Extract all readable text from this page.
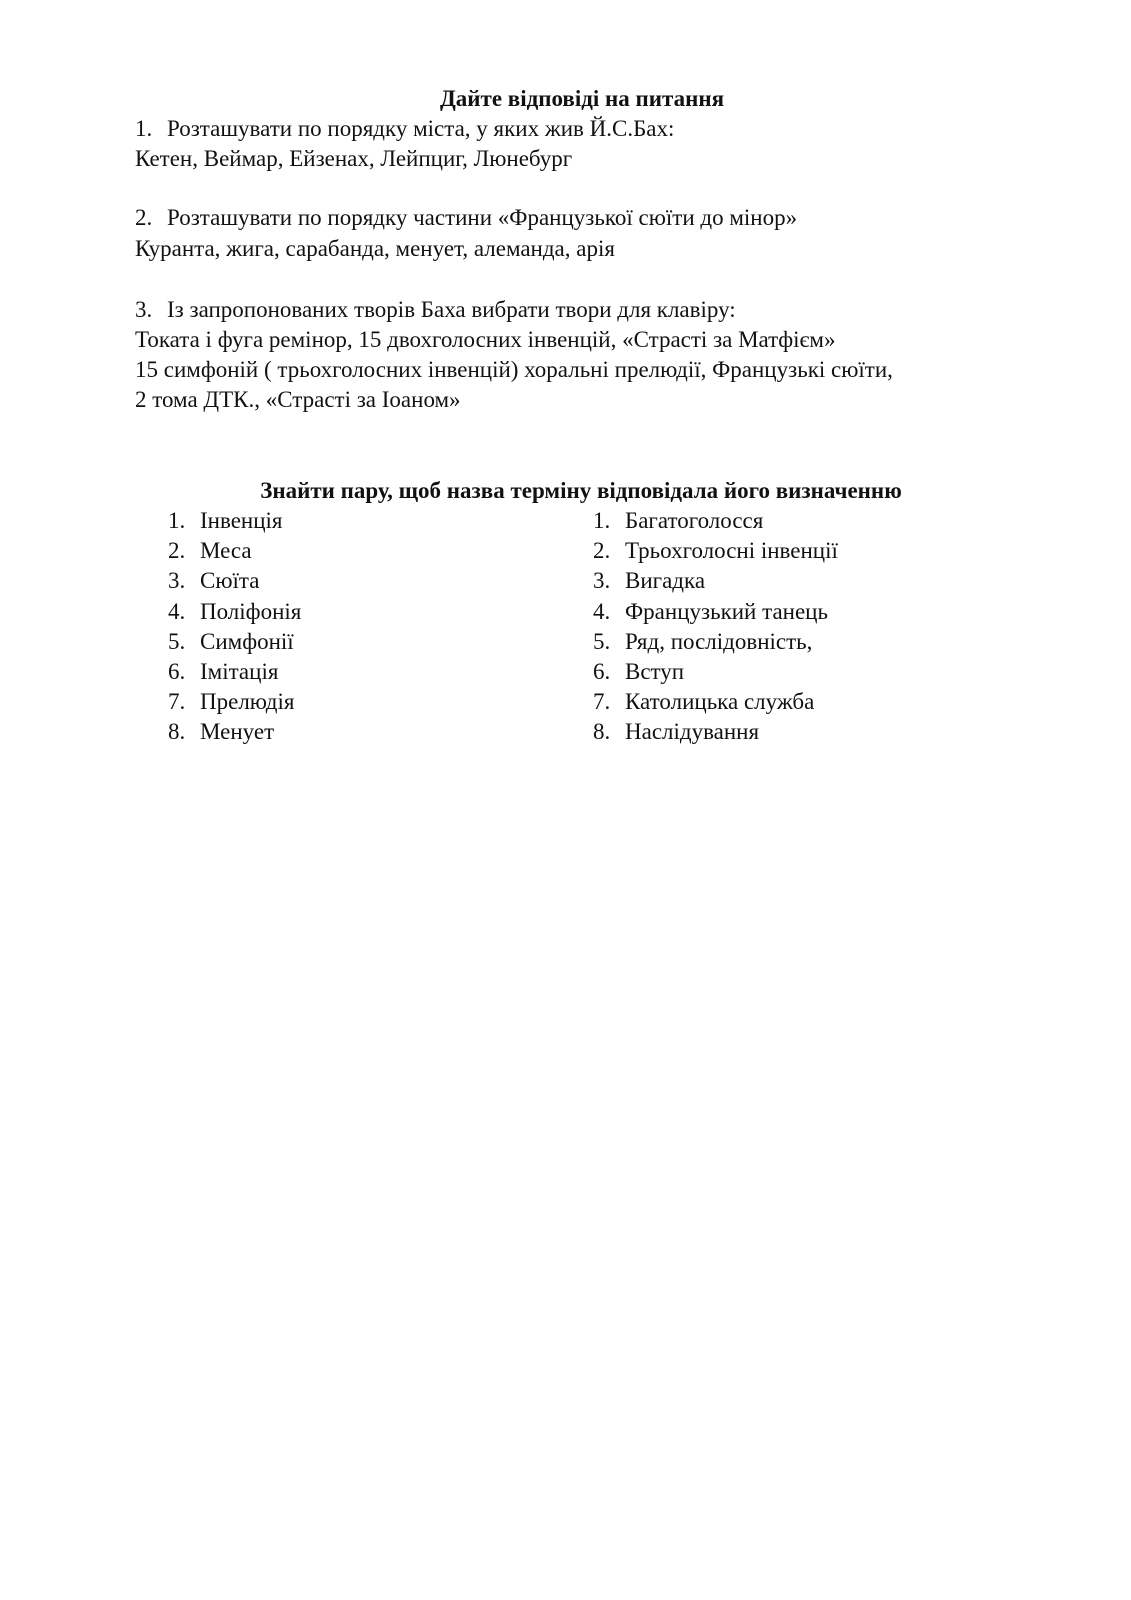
Дайте відповіді на питання
1. Розташувати по порядку міста, у яких жив Й.С.Бах:
Кетен, Веймар, Ейзенах, Лейпциг, Люнебург
2. Розташувати по порядку частини «Французької сюїти до мінор»
Куранта, жига, сарабанда, менует, алеманда, арія
3. Із запропонованих творів Баха вибрати твори для клавіру:
Токата і фуга ремінор, 15 двохголосних інвенцій, «Страсті за Матфієм»
15 симфоній ( трьохголосних інвенцій) хоральні прелюдії, Французькі сюїти,
2 тома ДТК., «Страсті за Іоаном»
Знайти пару, щоб назва терміну відповідала його визначенню
1. Інвенція
2. Меса
3. Сюїта
4. Поліфонія
5. Симфонії
6. Імітація
7. Прелюдія
8. Менует
1. Багатоголосся
2. Трьохголосні інвенції
3. Вигадка
4. Французький танець
5. Ряд, послідовність,
6. Вступ
7. Католицька служба
8. Наслідування
